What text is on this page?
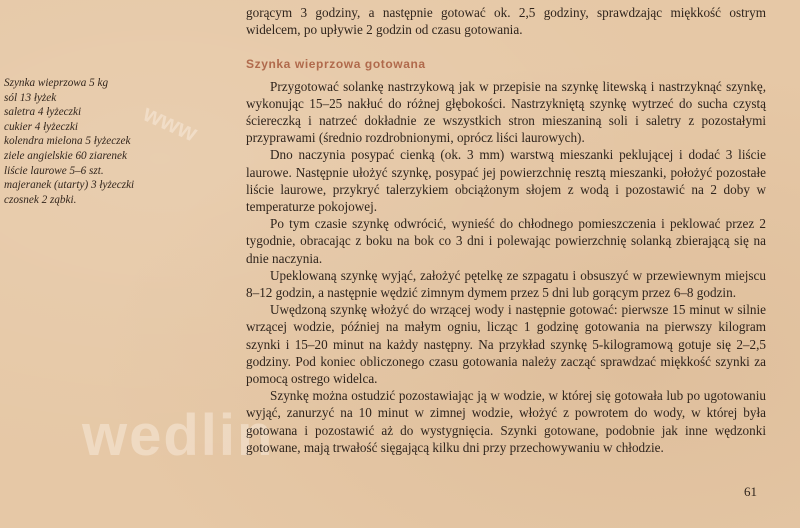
www
wedlin
Szynka wieprzowa 5 kg
sól 13 łyżek
saletra 4 łyżeczki
cukier 4 łyżeczki
kolendra mielona 5 łyżeczek
ziele angielskie 60 ziarenek
liście laurowe 5–6 szt.
majeranek (utarty) 3 łyżeczki
czosnek 2 ząbki.

gorącym 3 godziny, a następnie gotować ok. 2,5 godziny, sprawdzając miękkość ostrym widelcem, po upływie 2 godzin od czasu gotowania.

Szynka wieprzowa gotowana

Przygotować solankę nastrzykową jak w przepisie na szynkę litewską i nastrzyknąć szynkę, wykonując 15–25 nakłuć do różnej głębokości. Nastrzykniętą szynkę wytrzeć do sucha czystą ściereczką i natrzeć dokładnie ze wszystkich stron mieszaniną soli i saletry z pozostałymi przyprawami (średnio rozdrobnionymi, oprócz liści laurowych).

Dno naczynia posypać cienką (ok. 3 mm) warstwą mieszanki peklującej i dodać 3 liście laurowe. Następnie ułożyć szynkę, posypać jej powierzchnię resztą mieszanki, położyć pozostałe liście laurowe, przykryć talerzykiem obciążonym słojem z wodą i pozostawić na 2 doby w temperaturze pokojowej.

Po tym czasie szynkę odwrócić, wynieść do chłodnego pomieszczenia i peklować przez 2 tygodnie, obracając z boku na bok co 3 dni i polewając powierzchnię solanką zbierającą się na dnie naczynia.

Upeklowaną szynkę wyjąć, założyć pętelkę ze szpagatu i obsuszyć w przewiewnym miejscu 8–12 godzin, a następnie wędzić zimnym dymem przez 5 dni lub gorącym przez 6–8 godzin.

Uwędzoną szynkę włożyć do wrzącej wody i następnie gotować: pierwsze 15 minut w silnie wrzącej wodzie, później na małym ogniu, licząc 1 godzinę gotowania na pierwszy kilogram szynki i 15–20 minut na każdy następny. Na przykład szynkę 5-kilogramową gotuje się 2–2,5 godziny. Pod koniec obliczonego czasu gotowania należy zacząć sprawdzać miękkość szynki za pomocą ostrego widelca.

Szynkę można ostudzić pozostawiając ją w wodzie, w której się gotowała lub po ugotowaniu wyjąć, zanurzyć na 10 minut w zimnej wodzie, włożyć z powrotem do wody, w której była gotowana i pozostawić aż do wystygnięcia. Szynki gotowane, podobnie jak inne wędzonki gotowane, mają trwałość sięgającą kilku dni przy przechowywaniu w chłodzie.

61
